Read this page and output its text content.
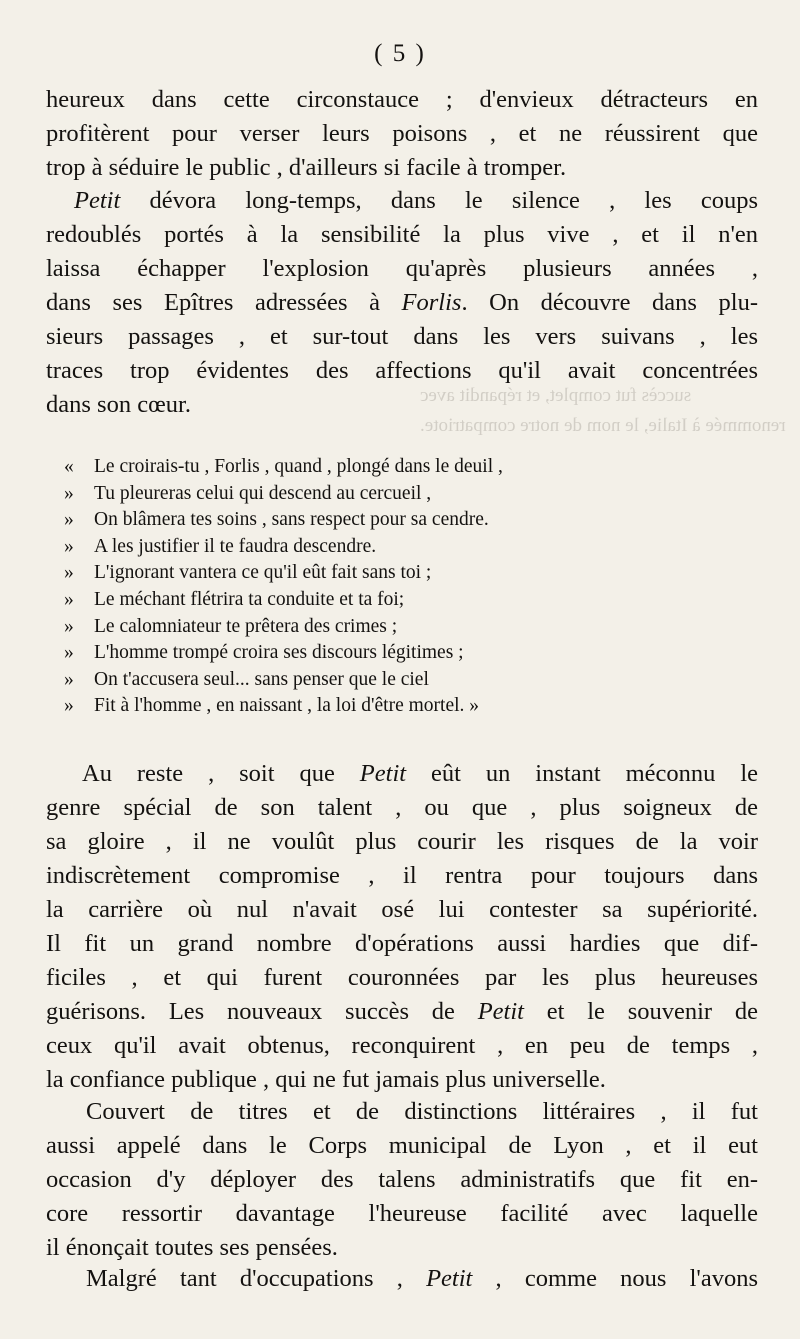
succès fut complet, et répandit avec
renommée à Italie, le nom de notre compatriote.
( 5 )
heureux dans cette circonstauce ; d'envieux détracteurs en
profitèrent pour verser leurs poisons , et ne réussirent que
trop à séduire le public , d'ailleurs si facile à tromper.
Petit dévora long-temps, dans le silence , les coups
redoublés portés à la sensibilité la plus vive , et il n'en
laissa échapper l'explosion qu'après plusieurs années ,
dans ses Epîtres adressées à Forlis. On découvre dans plu-
sieurs passages , et sur-tout dans les vers suivans , les
traces trop évidentes des affections qu'il avait concentrées
dans son cœur.
« Le croirais-tu , Forlis , quand , plongé dans le deuil ,
» Tu pleureras celui qui descend au cercueil ,
» On blâmera tes soins , sans respect pour sa cendre.
» A les justifier il te faudra descendre.
» L'ignorant vantera ce qu'il eût fait sans toi ;
» Le méchant flétrira ta conduite et ta foi;
» Le calomniateur te prêtera des crimes ;
» L'homme trompé croira ses discours légitimes ;
» On t'accusera seul... sans penser que le ciel
» Fit à l'homme , en naissant , la loi d'être mortel. »
Au reste , soit que Petit eût un instant méconnu le
genre spécial de son talent , ou que , plus soigneux de
sa gloire , il ne voulût plus courir les risques de la voir
indiscrètement compromise , il rentra pour toujours dans
la carrière où nul n'avait osé lui contester sa supériorité.
Il fit un grand nombre d'opérations aussi hardies que dif-
ficiles , et qui furent couronnées par les plus heureuses
guérisons. Les nouveaux succès de Petit et le souvenir de
ceux qu'il avait obtenus, reconquirent , en peu de temps ,
la confiance publique , qui ne fut jamais plus universelle.
Couvert de titres et de distinctions littéraires , il fut
aussi appelé dans le Corps municipal de Lyon , et il eut
occasion d'y déployer des talens administratifs que fit en-
core ressortir davantage l'heureuse facilité avec laquelle
il énonçait toutes ses pensées.
Malgré tant d'occupations , Petit , comme nous l'avons
